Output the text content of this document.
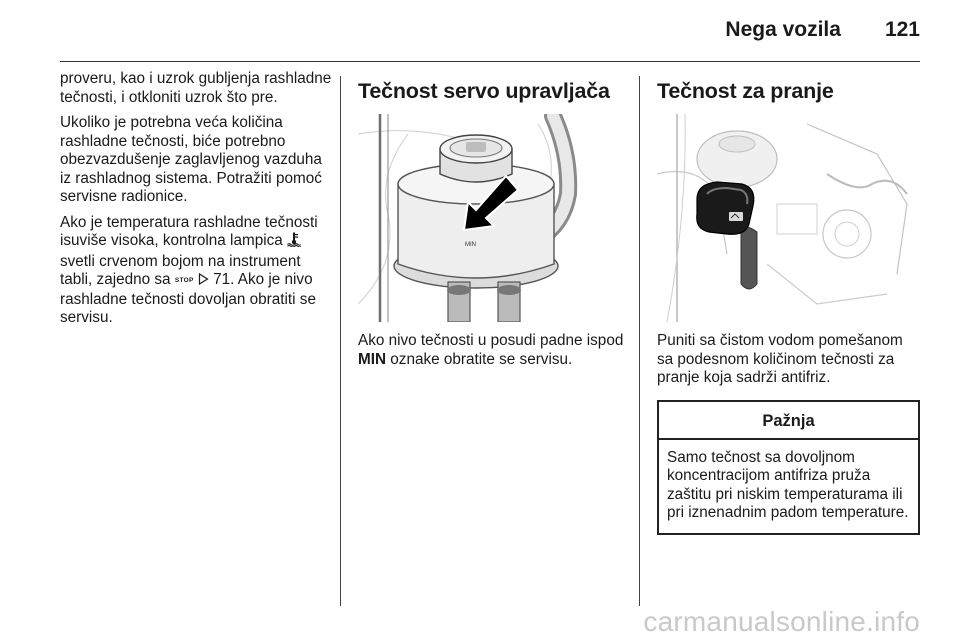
Nega vozila 121

proveru, kao i uzrok gubljenja rashladne tečnosti, i otkloniti uzrok što pre.

Ukoliko je potrebna veća količina rashladne tečnosti, biće potrebno obezvazdušenje zaglavljenog vazduha iz rashladnog sistema. Potražiti pomoć servisne radionice.

Ako je temperatura rashladne tečnosti isuviše visoka, kontrolna lampica  svetli crvenom bojom na instrument tabli, zajedno sa STOP 71. Ako je nivo rashladne tečnosti dovoljan obratiti se servisu.

Tečnost servo upravljača
MIN

Ako nivo tečnosti u posudi padne ispod MIN oznake obratite se servisu.

Tečnost za pranje

Puniti sa čistom vodom pomešanom sa podesnom količinom tečnosti za pranje koja sadrži antifriz.

Pažnja
Samo tečnost sa dovoljnom koncentracijom antifriza pruža zaštitu pri niskim temperaturama ili pri iznenadnim padom temperature.
carmanualsonline.info
